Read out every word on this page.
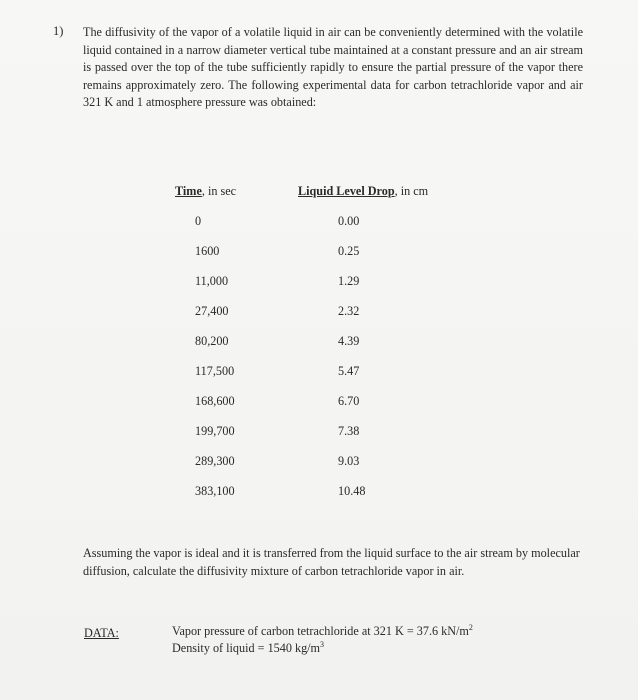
1) The diffusivity of the vapor of a volatile liquid in air can be conveniently determined with the volatile liquid contained in a narrow diameter vertical tube maintained at a constant pressure and an air stream is passed over the top of the tube sufficiently rapidly to ensure the partial pressure of the vapor there remains approximately zero. The following experimental data for carbon tetrachloride vapor and air 321 K and 1 atmosphere pressure was obtained:
Time, in sec	Liquid Level Drop, in cm
0	0.00
1600	0.25
11,000	1.29
27,400	2.32
80,200	4.39
117,500	5.47
168,600	6.70
199,700	7.38
289,300	9.03
383,100	10.48
Assuming the vapor is ideal and it is transferred from the liquid surface to the air stream by molecular diffusion, calculate the diffusivity mixture of carbon tetrachloride vapor in air.
DATA:	Vapor pressure of carbon tetrachloride at 321 K = 37.6 $kN/m^2$
Density of liquid = 1540 $kg/m^3$
